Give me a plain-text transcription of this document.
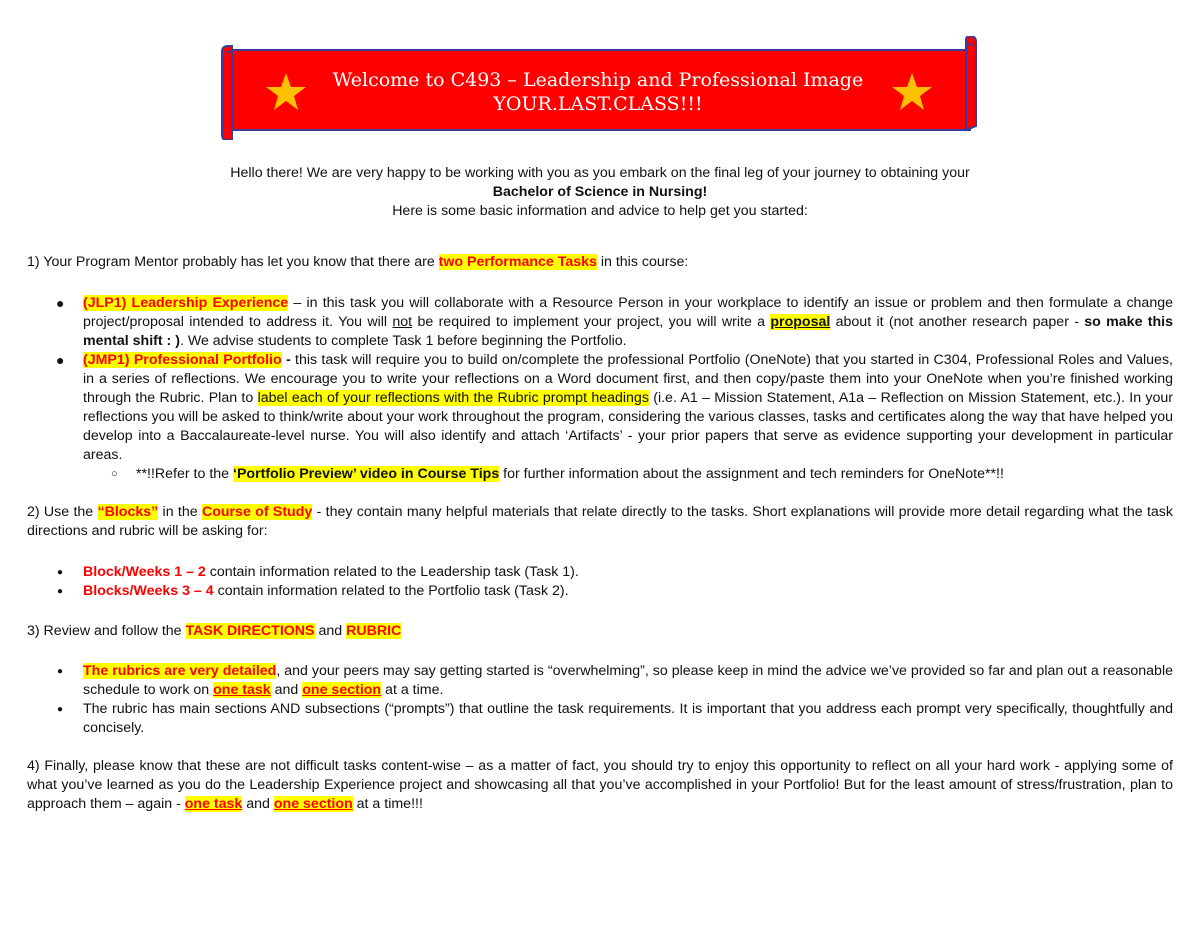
Welcome to C493 – Leadership and Professional Image
YOUR.LAST.CLASS!!!

Hello there! We are very happy to be working with you as you embark on the final leg of your journey to obtaining your

Bachelor of Science in Nursing!

Here is some basic information and advice to help get you started:

1) Your Program Mentor probably has let you know that there are two Performance Tasks in this course:

● (JLP1) Leadership Experience – in this task you will collaborate with a Resource Person in your workplace to identify an issue or problem and then formulate a change project/proposal intended to address it. You will not be required to implement your project, you will write a proposal about it (not another research paper - so make this mental shift : ). We advise students to complete Task 1 before beginning the Portfolio.
● (JMP1) Professional Portfolio - this task will require you to build on/complete the professional Portfolio (OneNote) that you started in C304, Professional Roles and Values, in a series of reflections. We encourage you to write your reflections on a Word document first, and then copy/paste them into your OneNote when you’re finished working through the Rubric. Plan to label each of your reflections with the Rubric prompt headings (i.e. A1 – Mission Statement, A1a – Reflection on Mission Statement, etc.). In your reflections you will be asked to think/write about your work throughout the program, considering the various classes, tasks and certificates along the way that have helped you develop into a Baccalaureate-level nurse. You will also identify and attach ‘Artifacts’ - your prior papers that serve as evidence supporting your development in particular areas.
○ **!!Refer to the ‘Portfolio Preview’ video in Course Tips for further information about the assignment and tech reminders for OneNote**!!

2) Use the “Blocks” in the Course of Study - they contain many helpful materials that relate directly to the tasks. Short explanations will provide more detail regarding what the task directions and rubric will be asking for:

● Block/Weeks 1 – 2 contain information related to the Leadership task (Task 1).
● Blocks/Weeks 3 – 4 contain information related to the Portfolio task (Task 2).

3) Review and follow the TASK DIRECTIONS and RUBRIC

● The rubrics are very detailed, and your peers may say getting started is “overwhelming”, so please keep in mind the advice we’ve provided so far and plan out a reasonable schedule to work on one task and one section at a time.
● The rubric has main sections AND subsections (“prompts”) that outline the task requirements. It is important that you address each prompt very specifically, thoughtfully and concisely.

4) Finally, please know that these are not difficult tasks content-wise – as a matter of fact, you should try to enjoy this opportunity to reflect on all your hard work - applying some of what you’ve learned as you do the Leadership Experience project and showcasing all that you’ve accomplished in your Portfolio! But for the least amount of stress/frustration, plan to approach them – again - one task and one section at a time!!!
